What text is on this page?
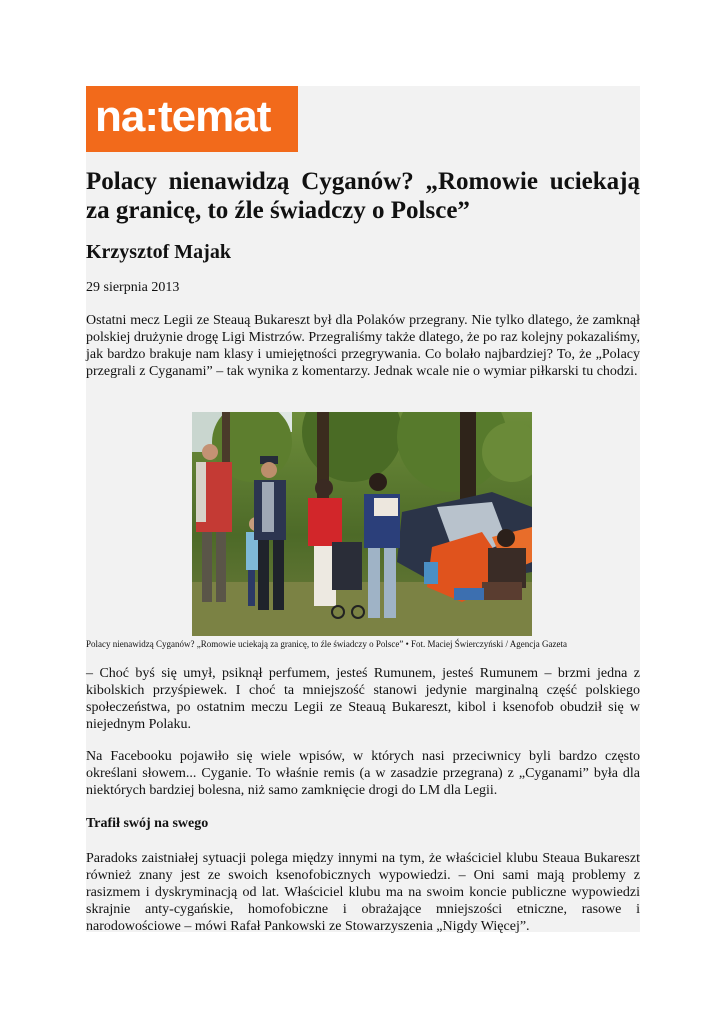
na:temat
Polacy nienawidzą Cyganów? „Romowie uciekają za granicę, to źle świadczy o Polsce”
Krzysztof Majak
29 sierpnia 2013

Ostatni mecz Legii ze Steauą Bukareszt był dla Polaków przegrany. Nie tylko dlatego, że zamknął polskiej drużynie drogę Ligi Mistrzów. Przegraliśmy także dlatego, że po raz kolejny pokazaliśmy, jak bardzo brakuje nam klasy i umiejętności przegrywania. Co bolało najbardziej? To, że „Polacy przegrali z Cyganami” – tak wynika z komentarzy. Jednak wcale nie o wymiar piłkarski tu chodzi.

Polacy nienawidzą Cyganów? „Romowie uciekają za granicę, to źle świadczy o Polsce” • Fot. Maciej Świerczyński / Agencja Gazeta

– Choć byś się umył, psiknął perfumem, jesteś Rumunem, jesteś Rumunem – brzmi jedna z kibolskich przyśpiewek. I choć ta mniejszość stanowi jedynie marginalną część polskiego społeczeństwa, po ostatnim meczu Legii ze Steauą Bukareszt, kibol i ksenofob obudził się w niejednym Polaku.

Na Facebooku pojawiło się wiele wpisów, w których nasi przeciwnicy byli bardzo często określani słowem... Cyganie. To właśnie remis (a w zasadzie przegrana) z „Cyganami” była dla niektórych bardziej bolesna, niż samo zamknięcie drogi do LM dla Legii.

Trafił swój na swego

Paradoks zaistniałej sytuacji polega między innymi na tym, że właściciel klubu Steaua Bukareszt również znany jest ze swoich ksenofobicznych wypowiedzi. – Oni sami mają problemy z rasizmem i dyskryminacją od lat. Właściciel klubu ma na swoim koncie publiczne wypowiedzi skrajnie anty-cygańskie, homofobiczne i obrażające mniejszości etniczne, rasowe i narodowościowe – mówi Rafał Pankowski ze Stowarzyszenia „Nigdy Więcej”.
